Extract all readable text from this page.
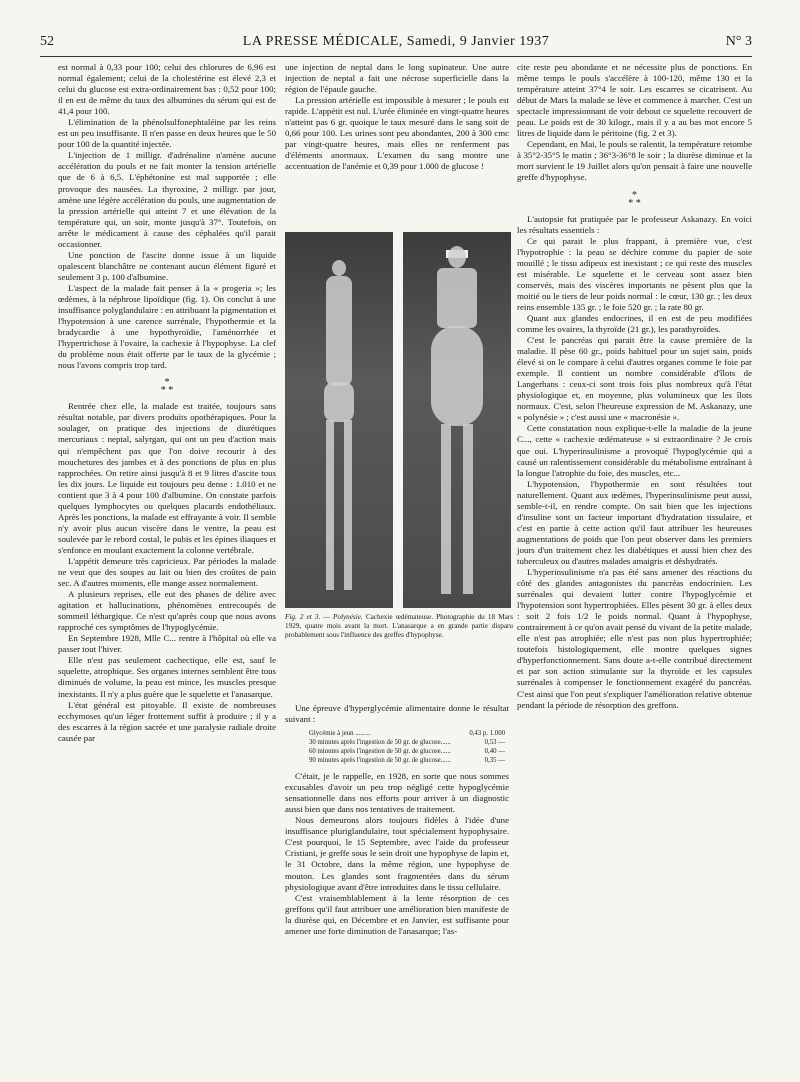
52	LA PRESSE MÉDICALE, Samedi, 9 Janvier 1937	N° 3

est normal à 0,33 pour 100; celui des chlorures de 6,96 est normal également; celui de la cholestérine est élevé 2,3 et celui du glucose est extra-ordinairement bas : 0,52 pour 100; il en est de même du taux des albumines du sérum qui est de 41,4 pour 100.

L'élimination de la phénolsulfonephtaléine par les reins est un peu insuffisante. Il n'en passe en deux heures que le 50 pour 100 de la quantité injectée.

L'injection de 1 milligr. d'adrénaline n'amène aucune accélération du pouls et ne fait monter la tension artérielle que de 6 à 6,5. L'éphétonine est mal supportée ; elle provoque des nausées. La thyroxine, 2 milligr. par jour, amène une légère accélération du pouls, une augmentation de la pression artérielle qui atteint 7 et une élévation de la température qui, un soir, monte jusqu'à 37°. Toutefois, on arrête le médicament à cause des céphalées qu'il parait occasionner.

Une ponction de l'ascite donne issue à un liquide opalescent blanchâtre ne contenant aucun élément figuré et seulement 3 p. 100 d'albumine.

L'aspect de la malade fait penser à la « progeria »; les œdèmes, à la néphrose lipoïdique (fig. 1). On conclut à une insuffisance polyglandulaire : en attribuant la pigmentation et l'hypotension à une carence surrénale, l'hypothermie et la bradycardie à une hypothyroïdie, l'aménorrhée et l'hypertrichose à l'ovaire, la cachexie à l'hypophyse. La clef du problème nous était offerte par le taux de la glycémie ; nous l'avons compris trop tard.

*
* *

Rentrée chez elle, la malade est traitée, toujours sans résultat notable, par divers produits opothérapiques. Pour la soulager, on pratique des injections de diurétiques mercuriaux : neptal, salyrgan, qui ont un peu d'action mais qui n'empêchent pas que l'on doive recourir à des mouchetures des jambes et à des ponctions de plus en plus rapprochées. On retire ainsi jusqu'à 8 et 9 litres d'ascite tous les dix jours. Le liquide est toujours peu dense : 1.010 et ne contient que 3 à 4 pour 100 d'albumine. On constate parfois quelques lymphocytes ou quelques placards endothéliaux. Après les ponctions, la malade est effrayante à voir. Il semble n'y avoir plus aucun viscère dans le ventre, la peau est soulevée par le rebord costal, le pubis et les épines iliaques et s'enfonce en moulant exactement la colonne vertébrale.

L'appétit demeure très capricieux. Par périodes la malade ne veut que des soupes au lait ou bien des croûtes de pain sec. A d'autres moments, elle mange assez normalement.

A plusieurs reprises, elle eut des phases de délire avec agitation et hallucinations, phénomènes entrecoupés de sommeil léthargique. Ce n'est qu'après coup que nous avons rapproché ces symptômes de l'hypoglycémie.

En Septembre 1928, Mlle C... rentre à l'hôpital où elle va passer tout l'hiver.

Elle n'est pas seulement cachectique, elle est, sauf le squelette, atrophique. Ses organes internes semblent être tous diminués de volume, la peau est mince, les muscles presque inexistants. Il n'y a plus guère que le squelette et l'anasarque.

L'état général est pitoyable. Il existe de nombreuses ecchymoses qu'un léger frottement suffit à produire ; il y a des escarres à la région sacrée et une paralysie radiale droite causée par

une injection de neptal dans le long supinateur. Une autre injection de neptal a fait une nécrose superficielle dans la région de l'épaule gauche.

La pression artérielle est impossible à mesurer ; le pouls est rapide. L'appétit est nul. L'urée éliminée en vingt-quatre heures n'atteint pas 6 gr. quoique le taux mesuré dans le sang soit de 0,66 pour 100. Les urines sont peu abondantes, 200 à 300 cmc par vingt-quatre heures, mais elles ne renferment pas d'éléments anormaux. L'examen du sang montre une accentuation de l'anémie et 0,39 pour 1.000 de glucose !

Fig. 2 et 3. — Polynésie. Cachexie œdémateuse. Photographie du 18 Mars 1929, quatre mois avant la mort. L'anasarque a en grande partie disparu probablement sous l'influence des greffes d'hypophyse.

Une épreuve d'hyperglycémie alimentaire donne le résultat suivant :

Glycémie à jeun .........	0,43 p. 1.000
30 minutes après l'ingestion de 50 gr. de glucose......	0,53 —
60 minutes après l'ingestion de 50 gr. de glucose......	0,40 —
90 minutes après l'ingestion de 50 gr. de glucose......	0,35 —

C'était, je le rappelle, en 1928, en sorte que nous sommes excusables d'avoir un peu trop négligé cette hypoglycémie sensationnelle dans nos efforts pour arriver à un diagnostic aussi bien que dans nos tentatives de traitement.

Nous demeurons alors toujours fidèles à l'idée d'une insuffisance pluriglandulaire, tout spécialement hypophysaire. C'est pourquoi, le 15 Septembre, avec l'aide du professeur Cristiani, je greffe sous le sein droit une hypophyse de lapin et, le 31 Octobre, dans la même région, une hypophyse de mouton. Les glandes sont fragmentées dans du sérum physiologique avant d'être introduites dans le tissu cellulaire.

C'est vraisemblablement à la lente résorption de ces greffons qu'il faut attribuer une amélioration bien manifeste de la diurèse qui, en Décembre et en Janvier, est suffisante pour amener une forte diminution de l'anasarque; l'as-

cite reste peu abondante et ne nécessite plus de ponctions. En même temps le pouls s'accélère à 100-120, même 130 et la température atteint 37°4 le soir. Les escarres se cicatrisent. Au début de Mars la malade se lève et commence à marcher. C'est un spectacle impressionnant de voir debout ce squelette recouvert de peau. Le poids est de 30 kilogr., mais il y a au bas mot encore 5 litres de liquide dans le péritoine (fig. 2 et 3).

Cependant, en Mai, le pouls se ralentit, la température retombe à 35°2-35°5 le matin ; 36°3-36°8 le soir ; la diurèse diminue et la mort survient le 19 Juillet alors qu'on pensait à faire une nouvelle greffe d'hypophyse.

*
* *

L'autopsie fut pratiquée par le professeur Askanazy. En voici les résultats essentiels :

Ce qui parait le plus frappant, à première vue, c'est l'hypotrophie : la peau se déchire comme du papier de soie mouillé ; le tissu adipeux est inexistant ; ce qui reste des muscles est misérable. Le squelette et le cerveau sont assez bien conservés, mais des viscères importants ne pèsent plus que la moitié ou le tiers de leur poids normal : le cœur, 130 gr. ; les deux reins ensemble 135 gr. ; le foie 520 gr. ; la rate 80 gr.

Quant aux glandes endocrines, il en est de peu modifiées comme les ovaires, la thyroïde (21 gr.), les parathyroïdes.

C'est le pancréas qui parait être la cause première de la maladie. Il pèse 60 gr., poids habituel pour un sujet sain, poids élevé si on le compare à celui d'autres organes comme le foie par exemple. Il contient un nombre considérable d'îlots de Langerhans : ceux-ci sont trois fois plus nombreux qu'à l'état physiologique et, en moyenne, plus volumineux que les îlots normaux. C'est, selon l'heureuse expression de M. Askanazy, une « polynésie » ; c'est aussi une « macronésie ».

Cette constatation nous explique-t-elle la maladie de la jeune C..., cette « cachexie œdémateuse » si extraordinaire ? Je crois que oui. L'hyperinsulinisme a provoqué l'hypoglycémie qui a causé un ralentissement considérable du métabolisme entraînant à la longue l'atrophie du foie, des muscles, etc...

L'hypotension, l'hypothermie en sont résultées tout naturellement. Quant aux œdèmes, l'hyperinsulinisme peut aussi, semble-t-il, en rendre compte. On sait bien que les injections d'insuline sont un facteur important d'hydratation tissulaire, et c'est en partie à cette action qu'il faut attribuer les heureuses augmentations de poids que l'on peut observer dans les premiers jours d'un traitement chez les diabétiques et aussi bien chez des tuberculeux ou d'autres malades amaigris et déshydratés.

L'hyperinsulinisme n'a pas été sans amener des réactions du côté des glandes antagonistes du pancréas endocrinien. Les surrénales qui devaient lutter contre l'hypoglycémie et l'hypotension sont hypertrophiées. Elles pèsent 30 gr. à elles deux : soit 2 fois 1/2 le poids normal. Quant à l'hypophyse, contrairement à ce qu'on avait pensé du vivant de la petite malade, elle n'est pas atrophiée; elle n'est pas non plus hypertrophiée; toutefois histologiquement, elle montre quelques signes d'hyperfonctionnement. Sans doute a-t-elle contribué directement et par son action stimulante sur la thyroïde et les capsules surrénales à compenser le fonctionnement exagéré du pancréas. C'est ainsi que l'on peut s'expliquer l'amélioration relative obtenue pendant la période de résorption des greffons.
